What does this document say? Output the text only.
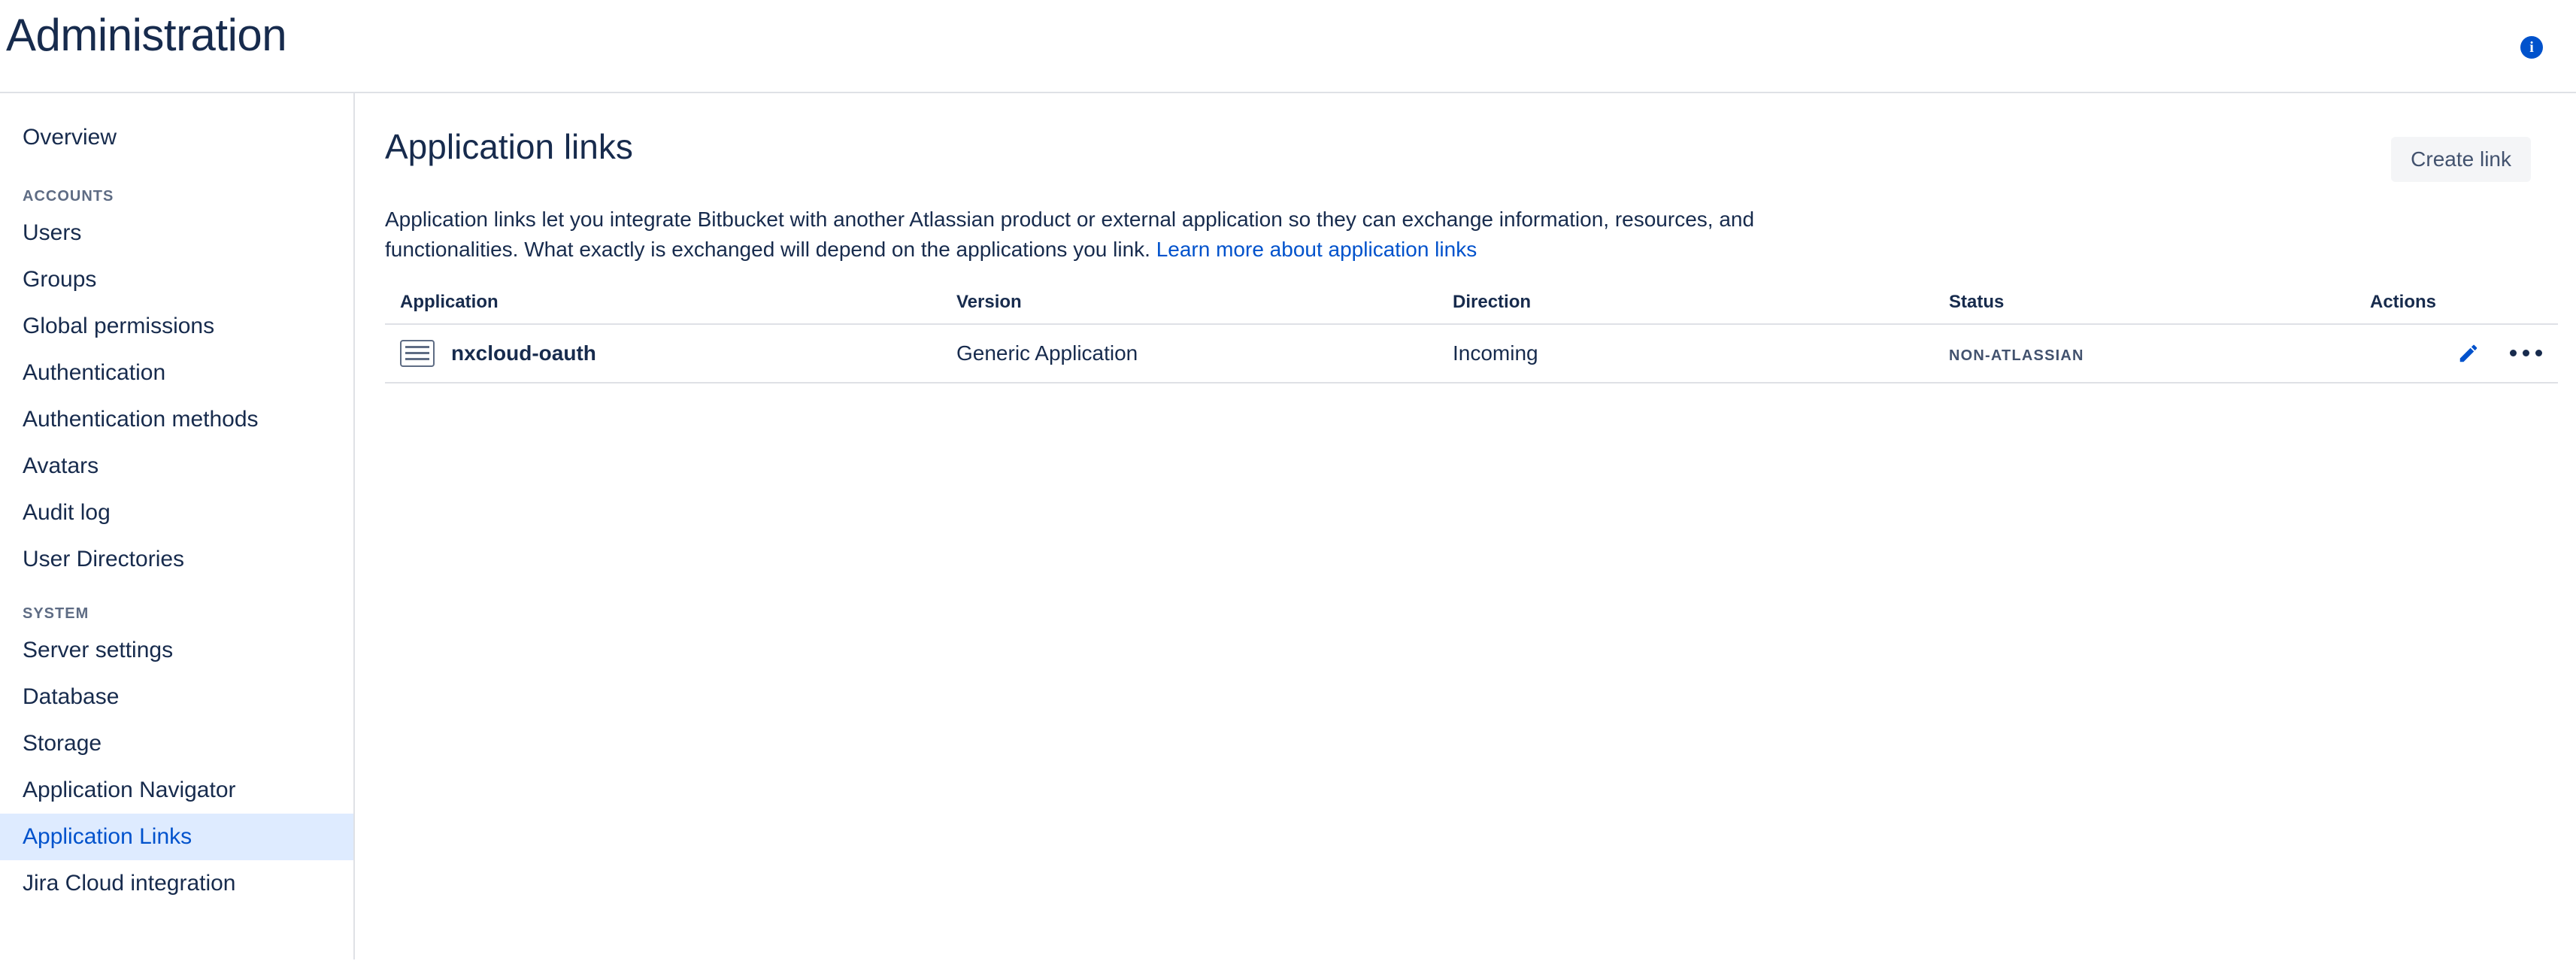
Administration	i
Overview
ACCOUNTS
Users
Groups
Global permissions
Authentication
Authentication methods
Avatars
Audit log
User Directories
SYSTEM
Server settings
Database
Storage
Application Navigator
Application Links
Jira Cloud integration
Application links	Create link

Application links let you integrate Bitbucket with another Atlassian product or external application so they can exchange information, resources, and functionalities. What exactly is exchanged will depend on the applications you link. Learn more about application links

Application	Version	Direction	Status	Actions

nxcloud-oauth	Generic Application	Incoming	NON-ATLASSIAN	
